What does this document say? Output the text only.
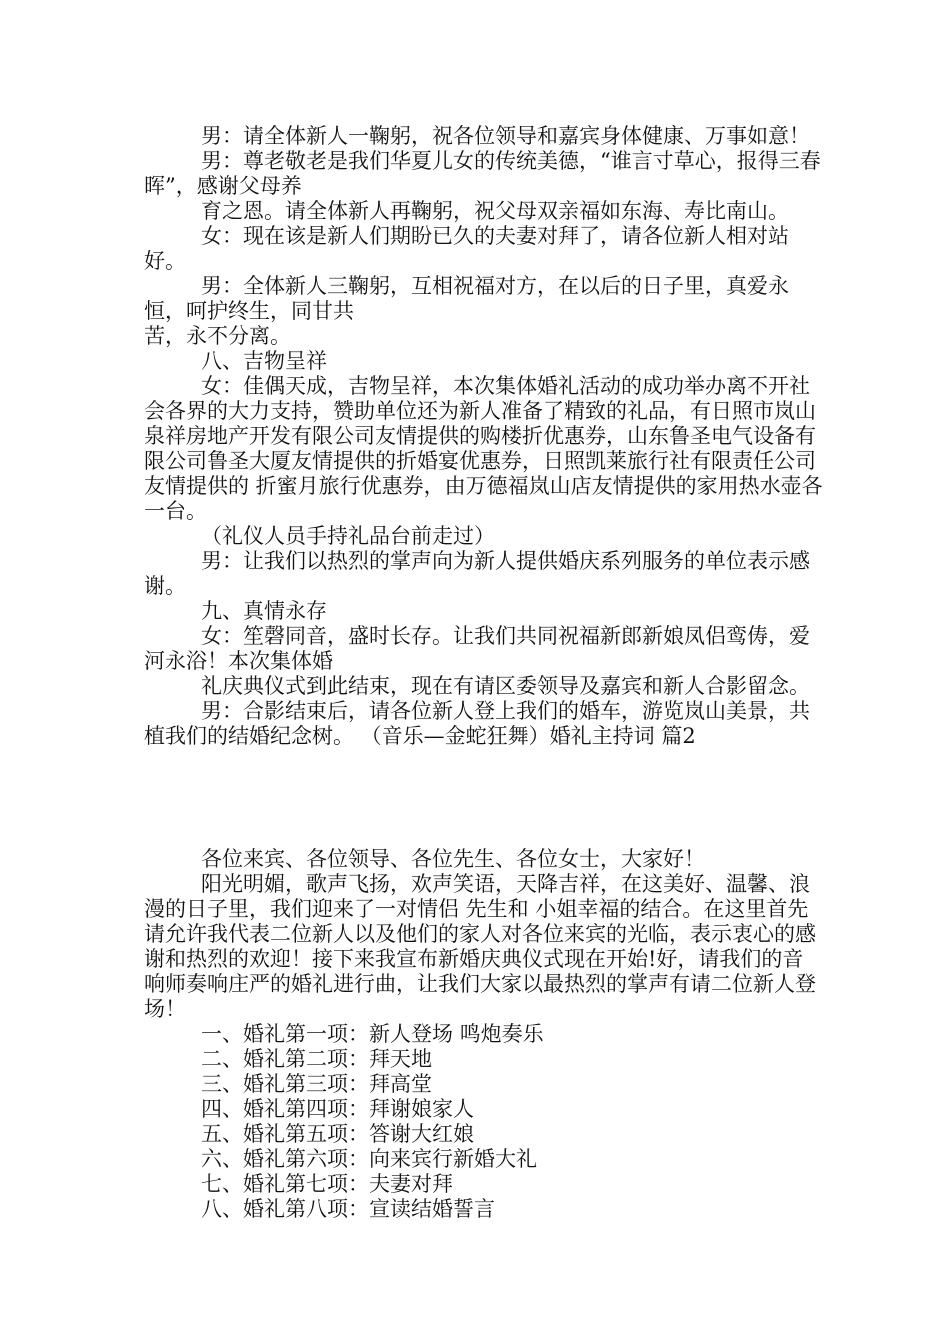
男：请全体新人一鞠躬，祝各位领导和嘉宾身体健康、万事如意！

男：尊老敬老是我们华夏儿女的传统美德，“谁言寸草心，报得三春晖”，感谢父母养

育之恩。请全体新人再鞠躬，祝父母双亲福如东海、寿比南山。

女：现在该是新人们期盼已久的夫妻对拜了，请各位新人相对站好。

男：全体新人三鞠躬，互相祝福对方，在以后的日子里，真爱永恒，呵护终生，同甘共

苦，永不分离。

八、吉物呈祥

女：佳偶天成，吉物呈祥，本次集体婚礼活动的成功举办离不开社会各界的大力支持，赞助单位还为新人准备了精致的礼品，有日照市岚山泉祥房地产开发有限公司友情提供的购楼折优惠券，山东鲁圣电气设备有限公司鲁圣大厦友情提供的折婚宴优惠券，日照凯莱旅行社有限责任公司友情提供的 折蜜月旅行优惠券，由万德福岚山店友情提供的家用热水壶各一台。

（礼仪人员手持礼品台前走过）

男：让我们以热烈的掌声向为新人提供婚庆系列服务的单位表示感谢。

九、真情永存

女：笙磬同音，盛时长存。让我们共同祝福新郎新娘凤侣鸾俦，爱河永浴！本次集体婚

礼庆典仪式到此结束，现在有请区委领导及嘉宾和新人合影留念。

男：合影结束后，请各位新人登上我们的婚车，游览岚山美景，共植我们的结婚纪念树。 （音乐—金蛇狂舞）婚礼主持词 篇2

各位来宾、各位领导、各位先生、各位女士，大家好！

阳光明媚，歌声飞扬，欢声笑语，天降吉祥，在这美好、温馨、浪漫的日子里，我们迎来了一对情侣 先生和 小姐幸福的结合。在这里首先请允许我代表二位新人以及他们的家人对各位来宾的光临，表示衷心的感谢和热烈的欢迎！接下来我宣布新婚庆典仪式现在开始!好，请我们的音响师奏响庄严的婚礼进行曲，让我们大家以最热烈的掌声有请二位新人登场！

一、婚礼第一项：新人登场 鸣炮奏乐

二、婚礼第二项：拜天地

三、婚礼第三项：拜高堂

四、婚礼第四项：拜谢娘家人

五、婚礼第五项：答谢大红娘

六、婚礼第六项：向来宾行新婚大礼

七、婚礼第七项：夫妻对拜

八、婚礼第八项：宣读结婚誓言
